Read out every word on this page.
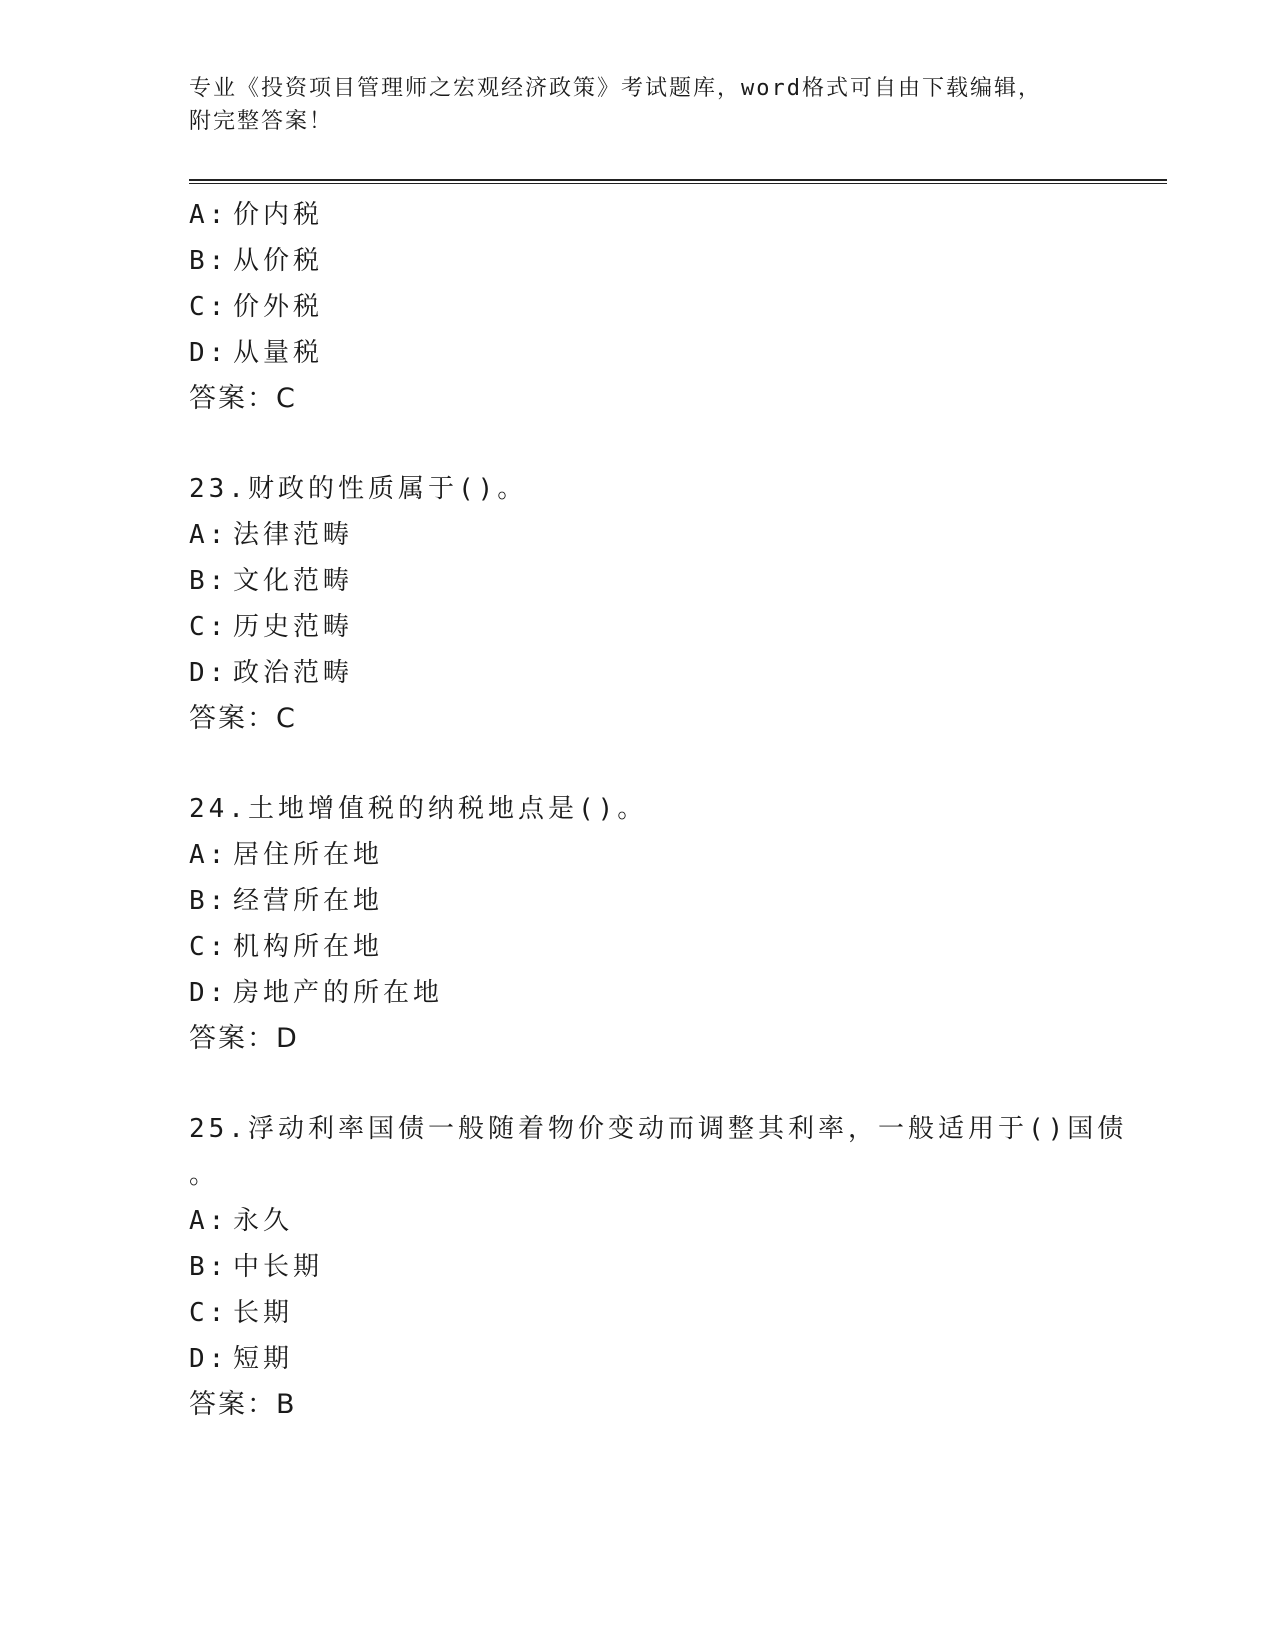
专业《投资项目管理师之宏观经济政策》考试题库，word格式可自由下载编辑，
附完整答案！
A: 价内税
B: 从价税
C: 价外税
D: 从量税
答案：C
23.财政的性质属于()。
A: 法律范畴
B: 文化范畴
C: 历史范畴
D: 政治范畴
答案：C
24.土地增值税的纳税地点是()。
A: 居住所在地
B: 经营所在地
C: 机构所在地
D: 房地产的所在地
答案：D
25.浮动利率国债一般随着物价变动而调整其利率，一般适用于()国债
。
A: 永久
B: 中长期
C: 长期
D: 短期
答案：B
